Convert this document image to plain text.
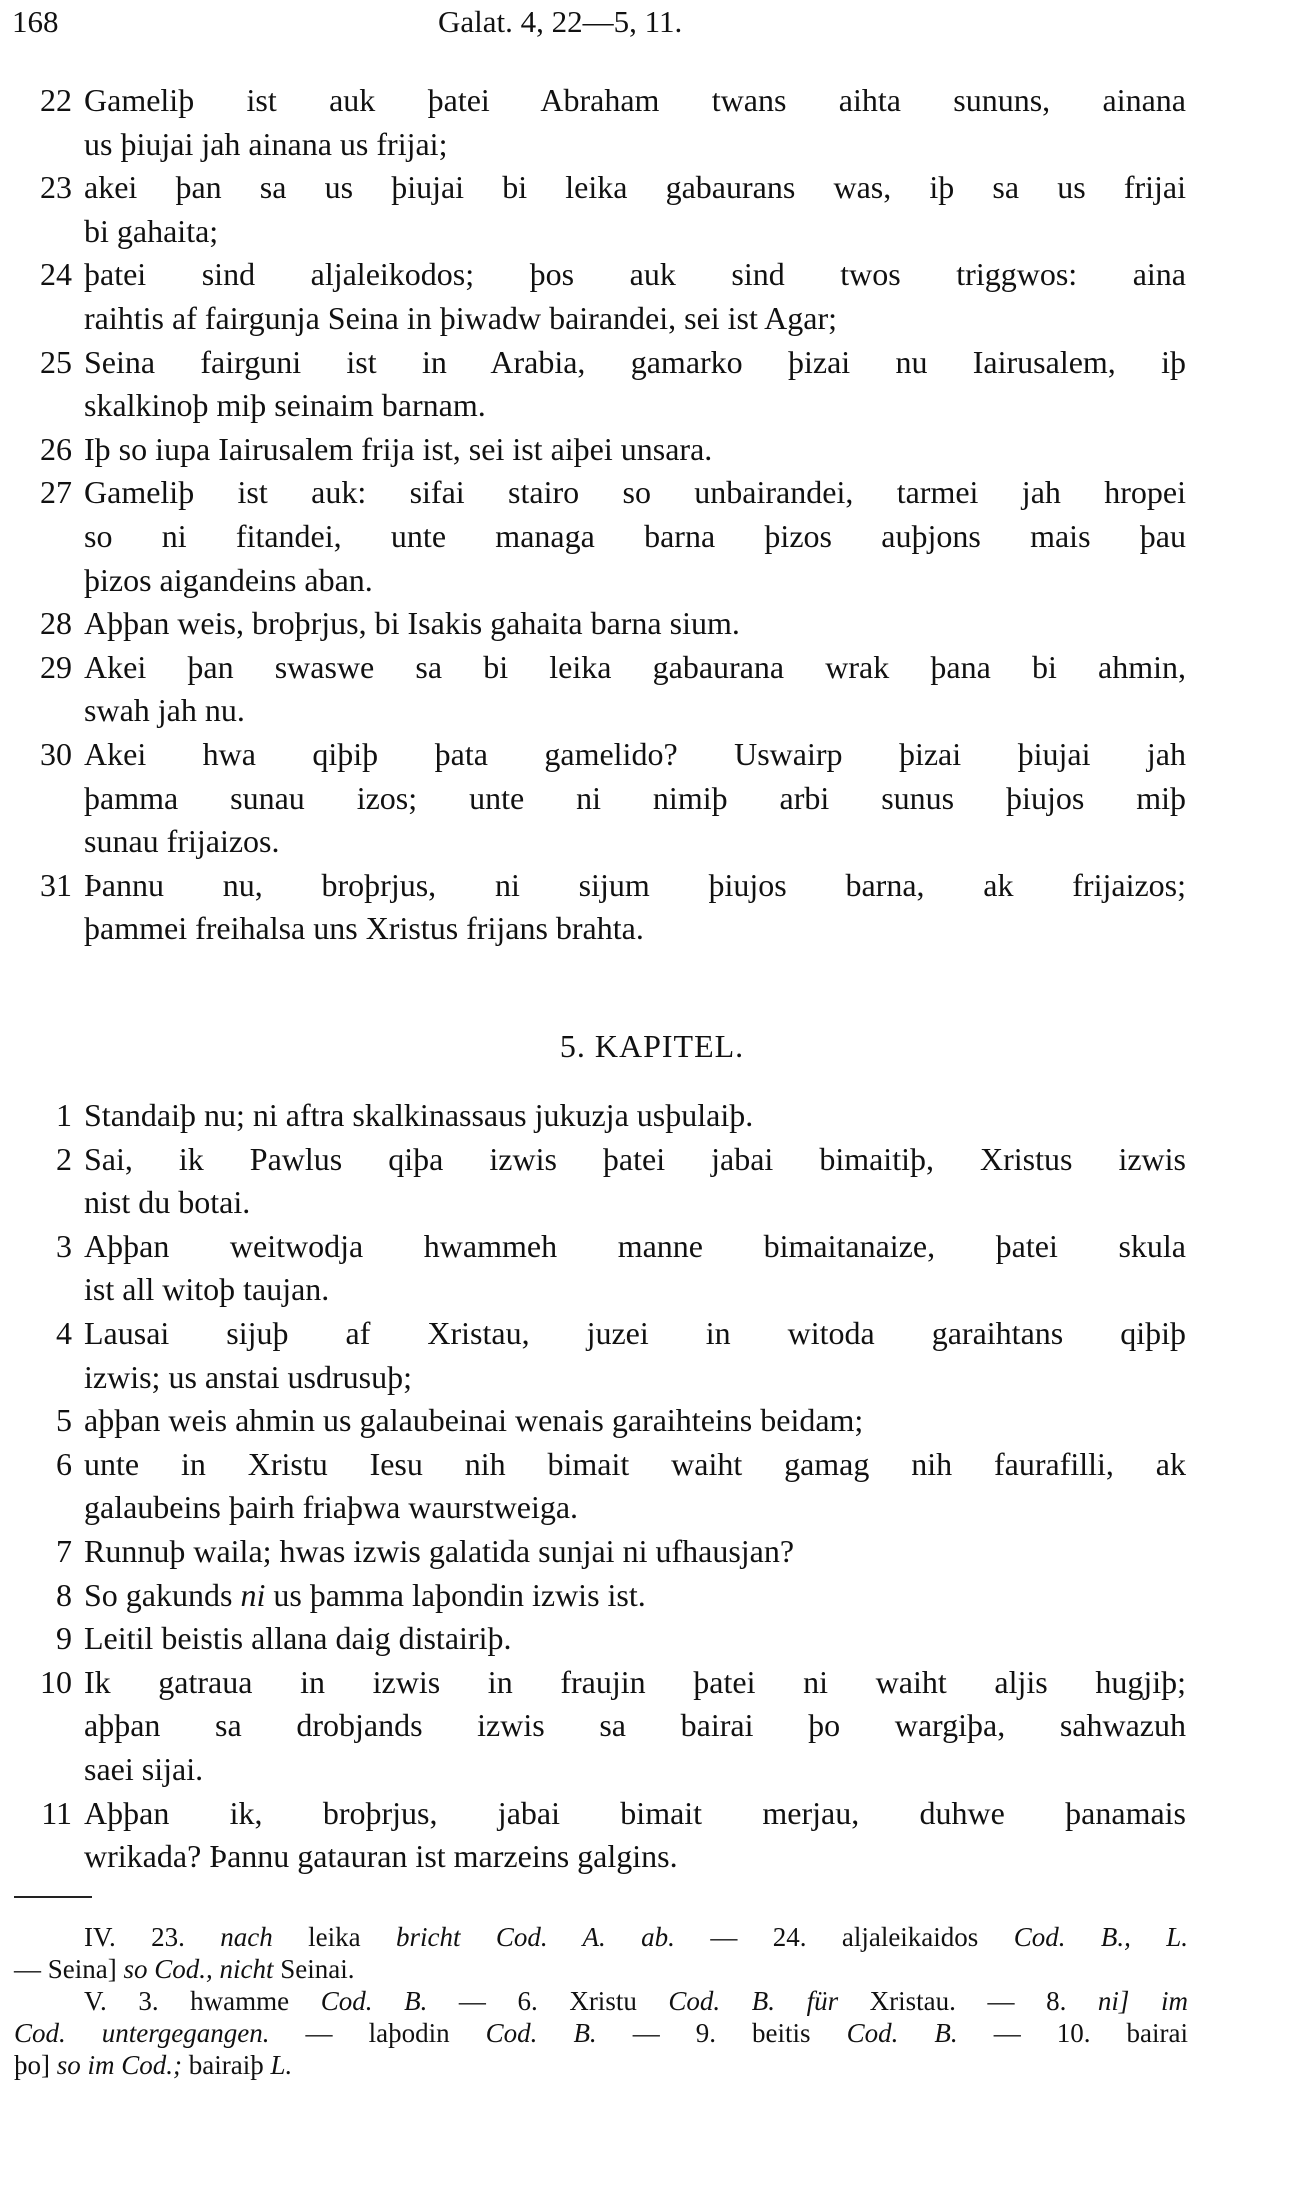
168	Galat. 4, 22—5, 11.
22 Gameliþ ist auk þatei Abraham twans aihta sununs, ainana
us þiujai jah ainana us frijai;
23 akei þan sa us þiujai bi leika gabaurans was, iþ sa us frijai
bi gahaita;
24 þatei sind aljaleikodos; þos auk sind twos triggwos: aina
raihtis af fairgunja Seina in þiwadw bairandei, sei ist Agar;
25 Seina fairguni ist in Arabia, gamarko þizai nu Iairusalem, iþ
skalkinoþ miþ seinaim barnam.
26 Iþ so iupa Iairusalem frija ist, sei ist aiþei unsara.
27 Gameliþ ist auk: sifai stairo so unbairandei, tarmei jah hropei
so ni fitandei, unte managa barna þizos auþjons mais þau
þizos aigandeins aban.
28 Aþþan weis, broþrjus, bi Isakis gahaita barna sium.
29 Akei þan swaswe sa bi leika gabaurana wrak þana bi ahmin,
swah jah nu.
30 Akei hwa qiþiþ þata gamelido? Uswairp þizai þiujai jah
þamma sunau izos; unte ni nimiþ arbi sunus þiujos miþ
sunau frijaizos.
31 Þannu nu, broþrjus, ni sijum þiujos barna, ak frijaizos;
þammei freihalsa uns Xristus frijans brahta.
5. KAPITEL.
1 Standaiþ nu; ni aftra skalkinassaus jukuzja usþulaiþ.
2 Sai, ik Pawlus qiþa izwis þatei jabai bimaitiþ, Xristus izwis
nist du botai.
3 Aþþan weitwodja hwammeh manne bimaitanaize, þatei skula
ist all witoþ taujan.
4 Lausai sijuþ af Xristau, juzei in witoda garaihtans qiþiþ
izwis; us anstai usdrusuþ;
5 aþþan weis ahmin us galaubeinai wenais garaihteins beidam;
6 unte in Xristu Iesu nih bimait waiht gamag nih faurafilli, ak
galaubeins þairh friaþwa waurstweiga.
7 Runnuþ waila; hwas izwis galatida sunjai ni ufhausjan?
8 So gakunds ni us þamma laþondin izwis ist.
9 Leitil beistis allana daig distairiþ.
10 Ik gatraua in izwis in fraujin þatei ni waiht aljis hugjiþ;
aþþan sa drobjands izwis sa bairai þo wargiþa, sahwazuh
saei sijai.
11 Aþþan ik, broþrjus, jabai bimait merjau, duhwe þanamais
wrikada? Þannu gatauran ist marzeins galgins.
IV. 23. nach leika bricht Cod. A. ab. — 24. aljaleikaidos Cod. B., L.
— Seina] so Cod., nicht Seinai.
V. 3. hwamme Cod. B. — 6. Xristu Cod. B. für Xristau. — 8. ni] im
Cod. untergegangen. — laþodin Cod. B. — 9. beitis Cod. B. — 10. bairai
þo] so im Cod.; bairaiþ L.
